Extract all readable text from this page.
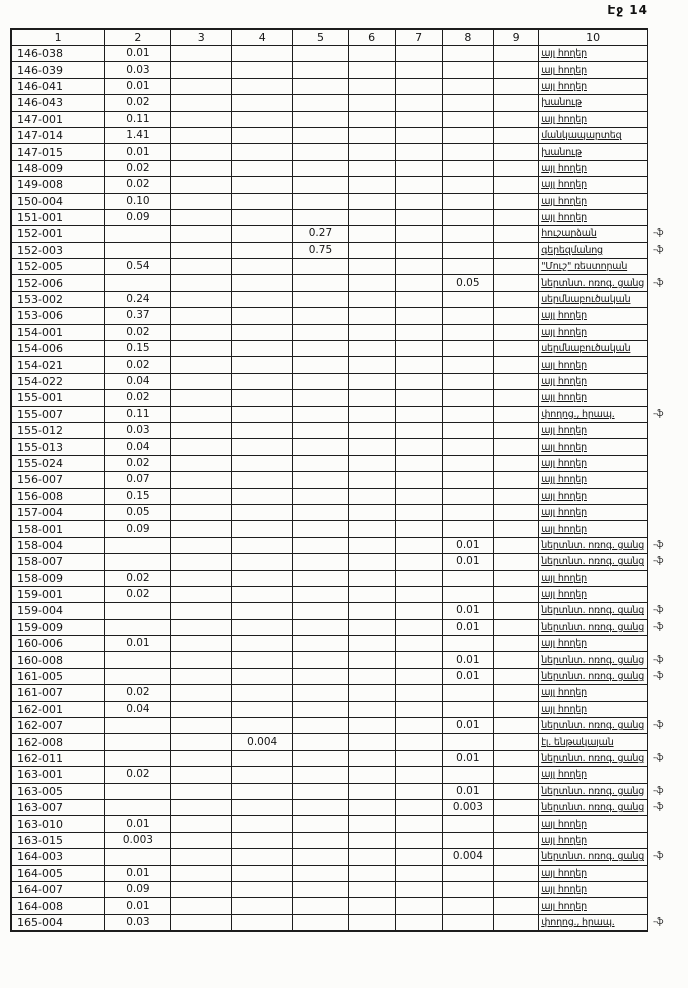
Էջ 14
1	2	3	4	5	6	7	8	9	10	
146-038	0.01								այլ հողեր	
146-039	0.03								այլ հողեր	
146-041	0.01								այլ հողեր	
146-043	0.02								խանութ	
147-001	0.11								այլ հողեր	
147-014	1.41								մանկապարտեզ	
147-015	0.01								խանութ	
148-009	0.02								այլ հողեր	
149-008	0.02								այլ հողեր	
150-004	0.10								այլ հողեր	
151-001	0.09								այլ հողեր	
152-001				0.27					հուշարձան	-ֆ
152-003				0.75					գերեզմանոց	-ֆ
152-005	0.54								"Մուշ" ռեստորան	
152-006							0.05		ներտնտ. ոռոգ. ցանց	-ֆ
153-002	0.24								սերմնաբուծական	
153-006	0.37								այլ հողեր	
154-001	0.02								այլ հողեր	
154-006	0.15								սերմնաբուծական	
154-021	0.02								այլ հողեր	
154-022	0.04								այլ հողեր	
155-001	0.02								այլ հողեր	
155-007	0.11								փողոց., հրապ.	-ֆ
155-012	0.03								այլ հողեր	
155-013	0.04								այլ հողեր	
155-024	0.02								այլ հողեր	
156-007	0.07								այլ հողեր	
156-008	0.15								այլ հողեր	
157-004	0.05								այլ հողեր	
158-001	0.09								այլ հողեր	
158-004							0.01		ներտնտ. ոռոգ. ցանց	-ֆ
158-007							0.01		ներտնտ. ոռոգ. ցանց	-ֆ
158-009	0.02								այլ հողեր	
159-001	0.02								այլ հողեր	
159-004							0.01		ներտնտ. ոռոգ. ցանց	-ֆ
159-009							0.01		ներտնտ. ոռոգ. ցանց	-ֆ
160-006	0.01								այլ հողեր	
160-008							0.01		ներտնտ. ոռոգ. ցանց	-ֆ
161-005							0.01		ներտնտ. ոռոգ. ցանց	-ֆ
161-007	0.02								այլ հողեր	
162-001	0.04								այլ հողեր	
162-007							0.01		ներտնտ. ոռոգ. ցանց	-ֆ
162-008			0.004						էլ. ենթակայան	
162-011							0.01		ներտնտ. ոռոգ. ցանց	-ֆ
163-001	0.02								այլ հողեր	
163-005							0.01		ներտնտ. ոռոգ. ցանց	-ֆ
163-007							0.003		ներտնտ. ոռոգ. ցանց	-ֆ
163-010	0.01								այլ հողեր	
163-015	0.003								այլ հողեր	
164-003							0.004		ներտնտ. ոռոգ. ցանց	-ֆ
164-005	0.01								այլ հողեր	
164-007	0.09								այլ հողեր	
164-008	0.01								այլ հողեր	
165-004	0.03								փողոց., հրապ.	-ֆ
